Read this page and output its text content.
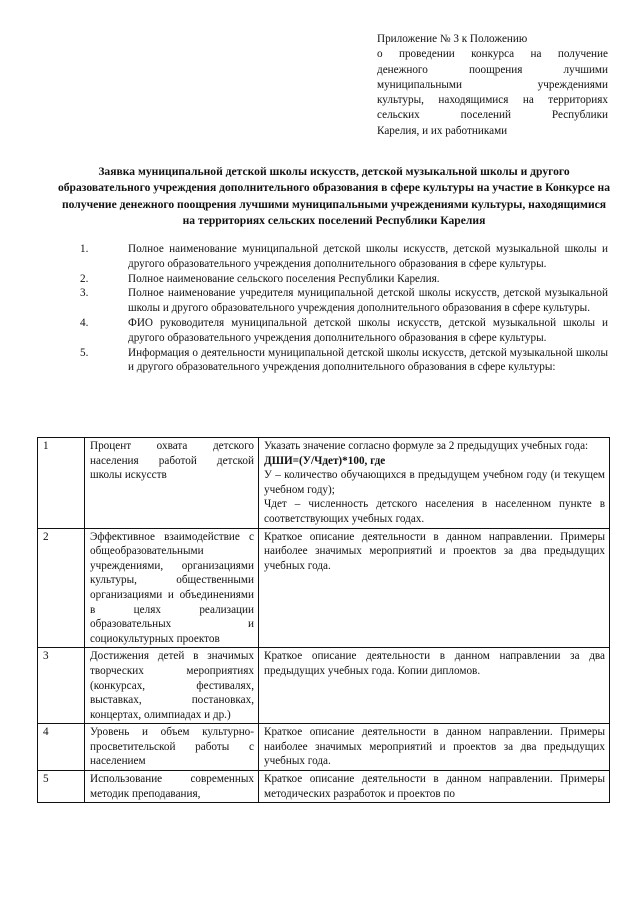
Приложение № 3 к Положению
о проведении конкурса на получение
денежного поощрения лучшими
муниципальными учреждениями
культуры, находящимися на территориях
сельских поселений Республики
Карелия, и их работниками
Заявка муниципальной детской школы искусств, детской музыкальной школы и другого образовательного учреждения дополнительного образования в сфере культуры на участие в Конкурсе на получение денежного поощрения лучшими муниципальными учреждениями культуры, находящимися на территориях сельских поселений Республики Карелия
1.	Полное наименование муниципальной детской школы искусств, детской музыкальной школы и другого образовательного учреждения дополнительного образования в сфере культуры.
2.	Полное наименование сельского поселения Республики Карелия.
3.	Полное наименование учредителя муниципальной детской школы искусств, детской музыкальной школы и другого образовательного учреждения дополнительного образования в сфере культуры.
4.	ФИО руководителя муниципальной детской школы искусств, детской музыкальной школы и другого образовательного учреждения дополнительного образования в сфере культуры.
5.	Информация о деятельности муниципальной детской школы искусств, детской музыкальной школы и другого образовательного учреждения дополнительного образования в сфере культуры:
1	Процент охвата детского населения работой детской школы искусств	Указать значение согласно формуле за 2 предыдущих учебных года:
ДШИ=(У/Чдет)*100, где
У – количество обучающихся в предыдущем учебном году (и текущем учебном году);
Чдет – численность детского населения в населенном пункте в соответствующих учебных годах.

2	Эффективное взаимодействие с общеобразовательными учреждениями, организациями культуры, общественными организациями и объединениями в целях реализации образовательных и социокультурных проектов	Краткое описание деятельности в данном направлении. Примеры наиболее значимых мероприятий и проектов за два предыдущих учебных года.
3	Достижения детей в значимых творческих мероприятиях (конкурсах, фестивалях, выставках, постановках, концертах, олимпиадах и др.)	Краткое описание деятельности в данном направлении за два предыдущих учебных года. Копии дипломов.
4	Уровень и объем культурно-просветительской работы с населением	Краткое описание деятельности в данном направлении. Примеры наиболее значимых мероприятий и проектов за два предыдущих учебных года.
5	Использование современных методик преподавания,	Краткое описание деятельности в данном направлении. Примеры методических разработок и проектов по
